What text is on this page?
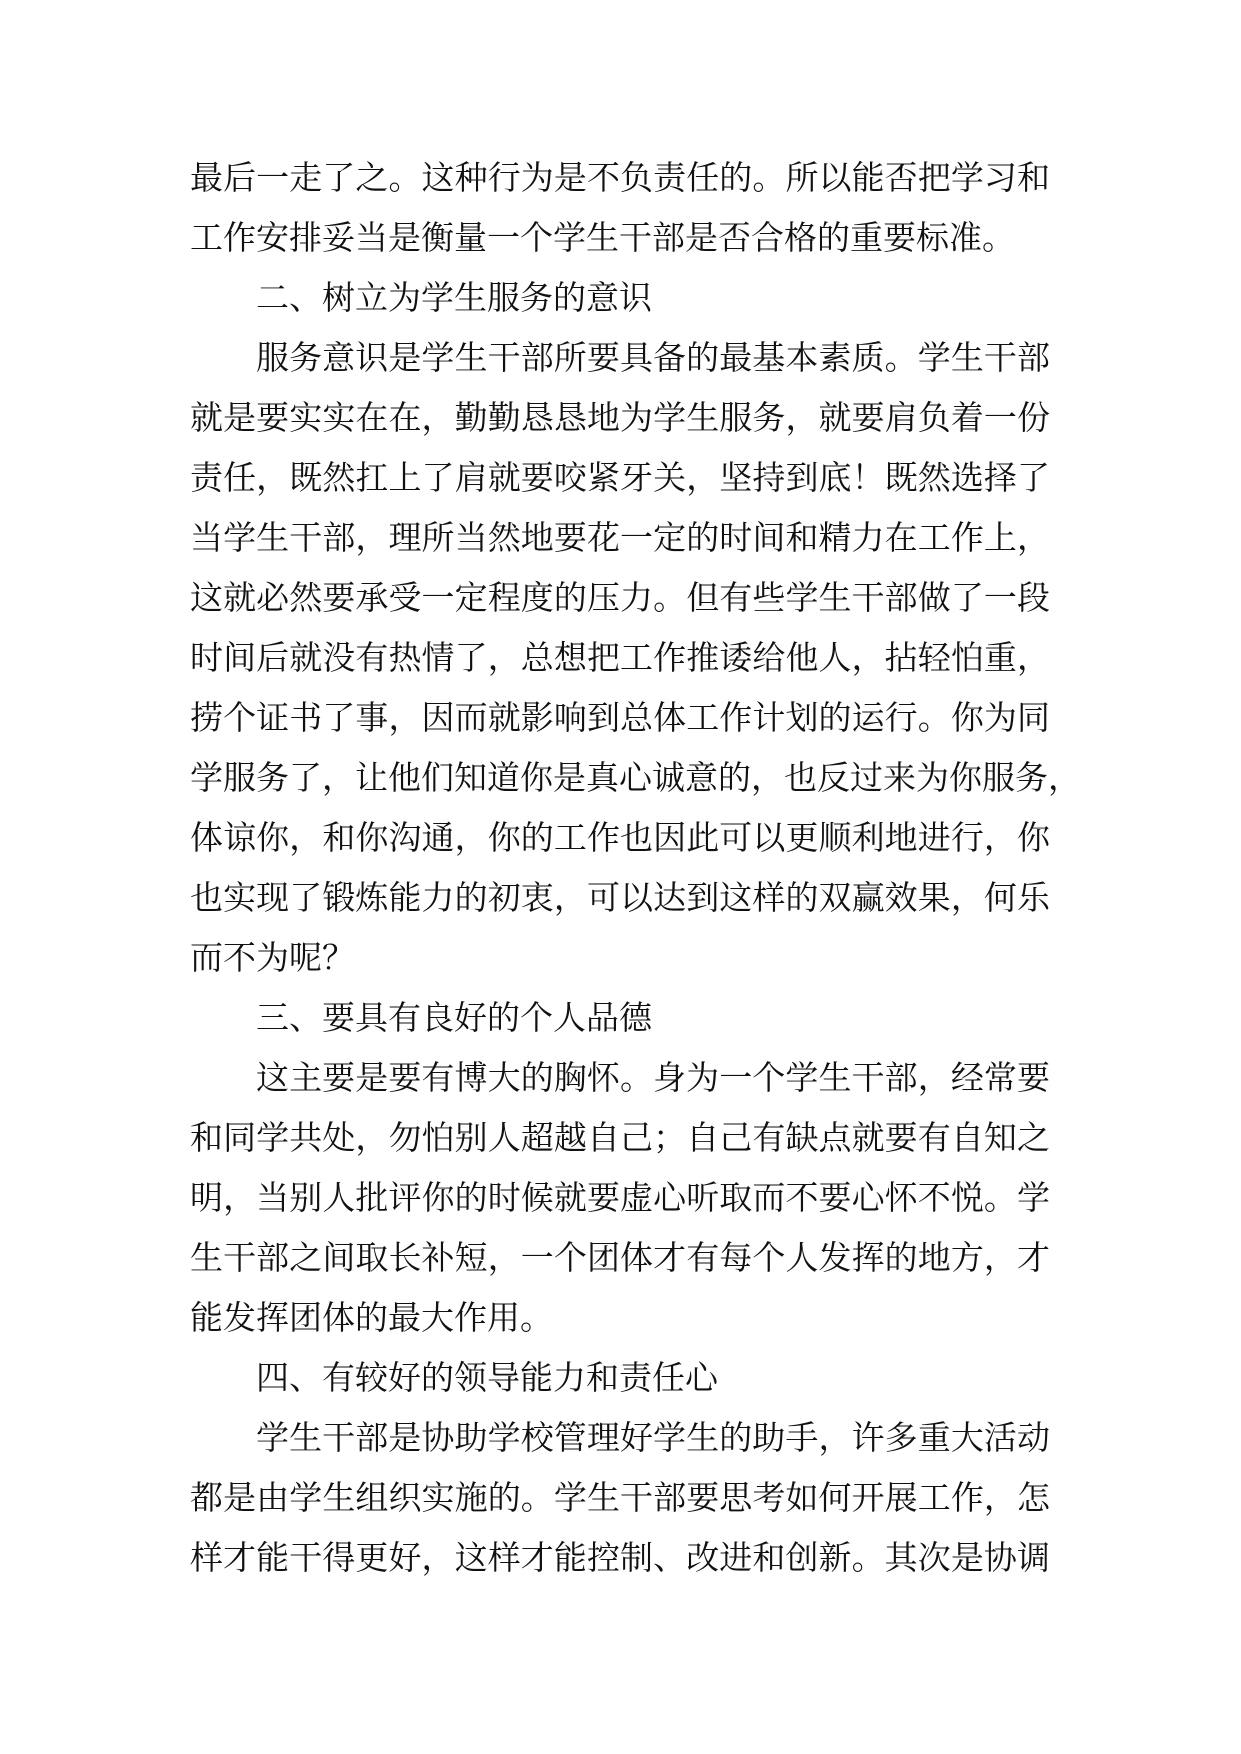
最后一走了之。这种行为是不负责任的。所以能否把学习和
工作安排妥当是衡量一个学生干部是否合格的重要标准。
二、树立为学生服务的意识
服务意识是学生干部所要具备的最基本素质。学生干部
就是要实实在在，勤勤恳恳地为学生服务，就要肩负着一份
责任，既然扛上了肩就要咬紧牙关，坚持到底！既然选择了
当学生干部，理所当然地要花一定的时间和精力在工作上，
这就必然要承受一定程度的压力。但有些学生干部做了一段
时间后就没有热情了，总想把工作推诿给他人，拈轻怕重，
捞个证书了事，因而就影响到总体工作计划的运行。你为同
学服务了，让他们知道你是真心诚意的，也反过来为你服务，
体谅你，和你沟通，你的工作也因此可以更顺利地进行，你
也实现了锻炼能力的初衷，可以达到这样的双赢效果，何乐
而不为呢？
三、要具有良好的个人品德
这主要是要有博大的胸怀。身为一个学生干部，经常要
和同学共处，勿怕别人超越自己；自己有缺点就要有自知之
明，当别人批评你的时候就要虚心听取而不要心怀不悦。学
生干部之间取长补短，一个团体才有每个人发挥的地方，才
能发挥团体的最大作用。
四、有较好的领导能力和责任心
学生干部是协助学校管理好学生的助手，许多重大活动
都是由学生组织实施的。学生干部要思考如何开展工作，怎
样才能干得更好，这样才能控制、改进和创新。其次是协调
